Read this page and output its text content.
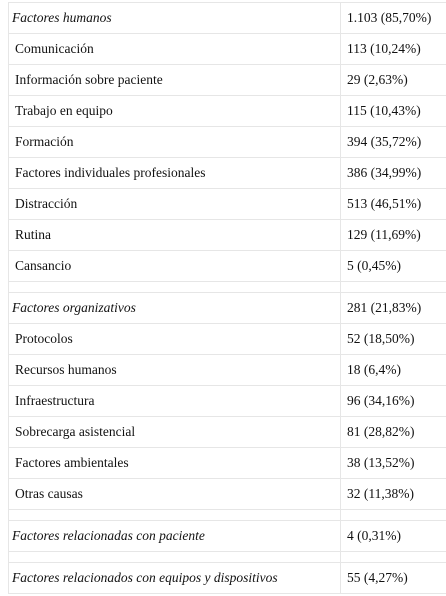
Factores humanos	1.103 (85,70%)
Comunicación	113 (10,24%)
Información sobre paciente	29 (2,63%)
Trabajo en equipo	115 (10,43%)
Formación	394 (35,72%)
Factores individuales profesionales	386 (34,99%)
Distracción	513 (46,51%)
Rutina	129 (11,69%)
Cansancio	5 (0,45%)

Factores organizativos	281 (21,83%)
Protocolos	52 (18,50%)
Recursos humanos	18 (6,4%)
Infraestructura	96 (34,16%)
Sobrecarga asistencial	81 (28,82%)
Factores ambientales	38 (13,52%)
Otras causas	32 (11,38%)

Factores relacionadas con paciente	4 (0,31%)

Factores relacionados con equipos y dispositivos	55 (4,27%)
